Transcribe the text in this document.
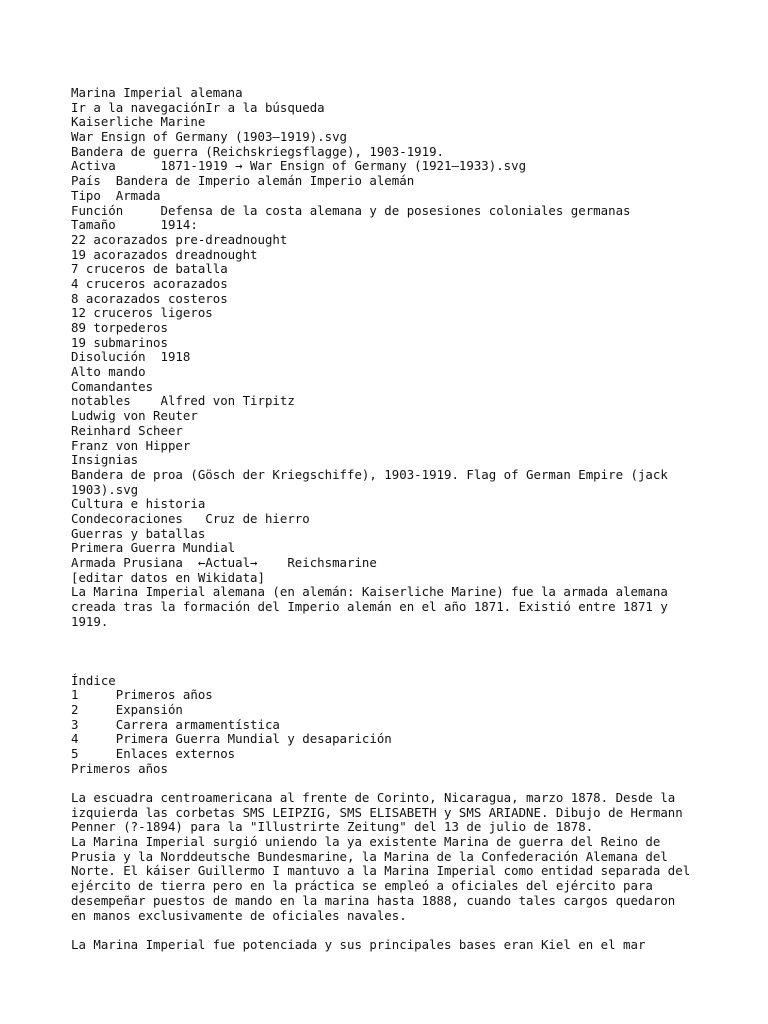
Marina Imperial alemana
Ir a la navegaciónIr a la búsqueda
Kaiserliche Marine
War Ensign of Germany (1903–1919).svg
Bandera de guerra (Reichskriegsflagge), 1903-1919.
Activa      1871-1919 → War Ensign of Germany (1921–1933).svg
País  Bandera de Imperio alemán Imperio alemán
Tipo  Armada
Función     Defensa de la costa alemana y de posesiones coloniales germanas
Tamaño      1914:
22 acorazados pre-dreadnought
19 acorazados dreadnought
7 cruceros de batalla
4 cruceros acorazados
8 acorazados costeros
12 cruceros ligeros
89 torpederos
19 submarinos
Disolución  1918
Alto mando
Comandantes
notables    Alfred von Tirpitz
Ludwig von Reuter
Reinhard Scheer
Franz von Hipper
Insignias
Bandera de proa (Gösch der Kriegschiffe), 1903-1919. Flag of German Empire (jack
1903).svg
Cultura e historia
Condecoraciones   Cruz de hierro
Guerras y batallas
Primera Guerra Mundial
Armada Prusiana  ←Actual→    Reichsmarine
[editar datos en Wikidata]
La Marina Imperial alemana (en alemán: Kaiserliche Marine) fue la armada alemana
creada tras la formación del Imperio alemán en el año 1871. Existió entre 1871 y
1919.
Índice
1     Primeros años
2     Expansión
3     Carrera armamentística
4     Primera Guerra Mundial y desaparición
5     Enlaces externos
Primeros años
La escuadra centroamericana al frente de Corinto, Nicaragua, marzo 1878. Desde la
izquierda las corbetas SMS LEIPZIG, SMS ELISABETH y SMS ARIADNE. Dibujo de Hermann
Penner (?-1894) para la "Illustrirte Zeitung" del 13 de julio de 1878.
La Marina Imperial surgió uniendo la ya existente Marina de guerra del Reino de
Prusia y la Norddeutsche Bundesmarine, la Marina de la Confederación Alemana del
Norte. El káiser Guillermo I mantuvo a la Marina Imperial como entidad separada del
ejército de tierra pero en la práctica se empleó a oficiales del ejército para
desempeñar puestos de mando en la marina hasta 1888, cuando tales cargos quedaron
en manos exclusivamente de oficiales navales.
La Marina Imperial fue potenciada y sus principales bases eran Kiel en el mar
